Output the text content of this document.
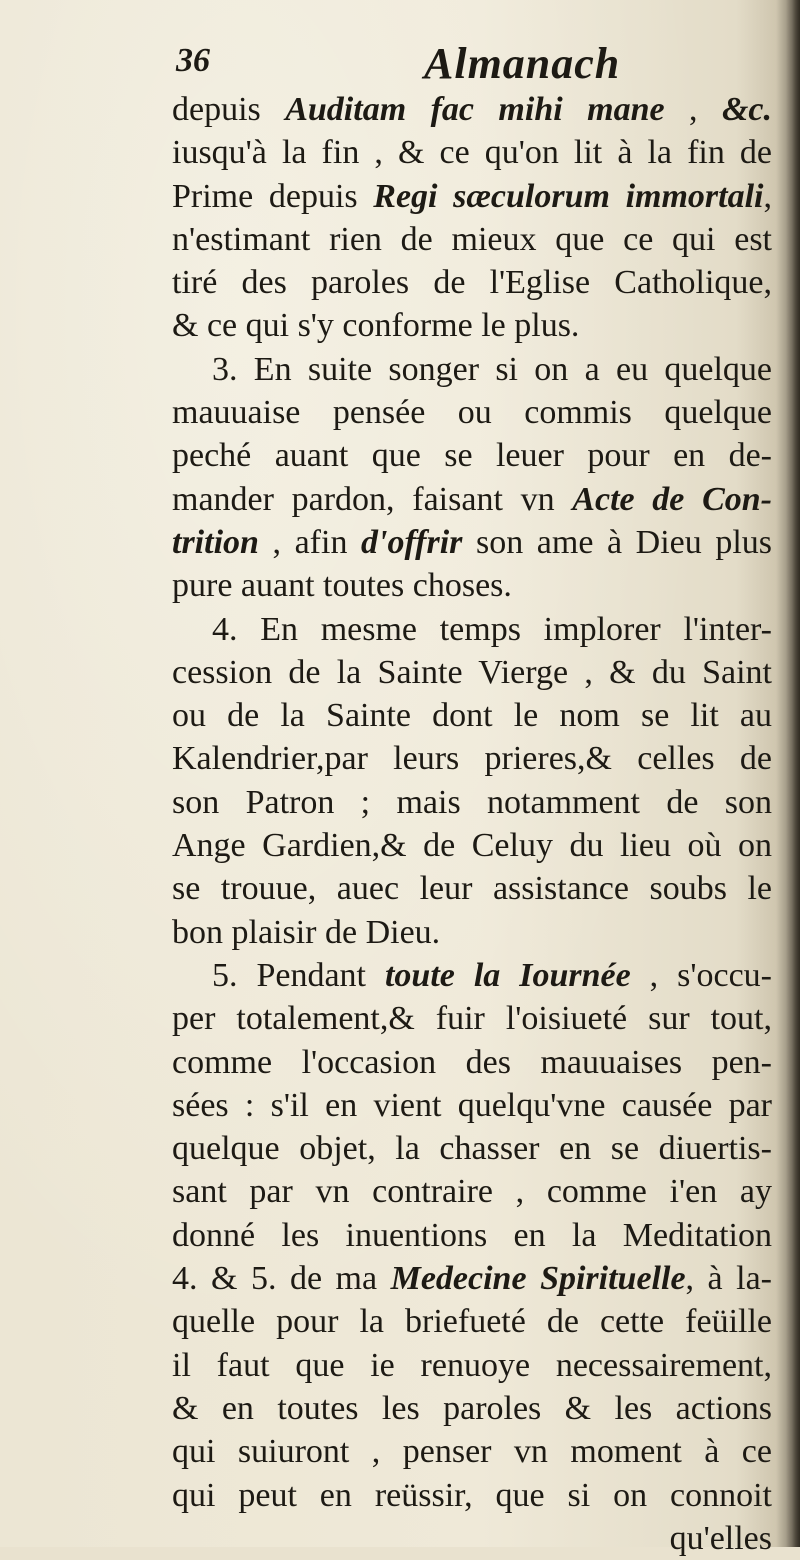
36	Almanach
depuis Auditam fac mihi mane , &c.
iusqu'à la fin , & ce qu'on lit à la fin de
Prime depuis Regi sæculorum immortali,
n'estimant rien de mieux que ce qui est
tiré des paroles de l'Eglise Catholique,
& ce qui s'y conforme le plus.
3. En suite songer si on a eu quelque
mauuaise pensée ou commis quelque
peché auant que se leuer pour en de-
mander pardon, faisant vn Acte de Con-
trition , afin d'offrir son ame à Dieu plus
pure auant toutes choses.
4. En mesme temps implorer l'inter-
cession de la Sainte Vierge , & du Saint
ou de la Sainte dont le nom se lit au
Kalendrier,par leurs prieres,& celles de
son Patron ; mais notamment de son
Ange Gardien,& de Celuy du lieu où on
se trouue, auec leur assistance soubs le
bon plaisir de Dieu.
5. Pendant toute la Iournée , s'occu-
per totalement,& fuir l'oisiueté sur tout,
comme l'occasion des mauuaises pen-
sées : s'il en vient quelqu'vne causée par
quelque objet, la chasser en se diuertis-
sant par vn contraire , comme i'en ay
donné les inuentions en la Meditation
4. & 5. de ma Medecine Spirituelle, à la-
quelle pour la briefueté de cette feüille
il faut que ie renuoye necessairement,
& en toutes les paroles & les actions
qui suiuront , penser vn moment à ce
qui peut en reüssir, que si on connoit
qu'elles
